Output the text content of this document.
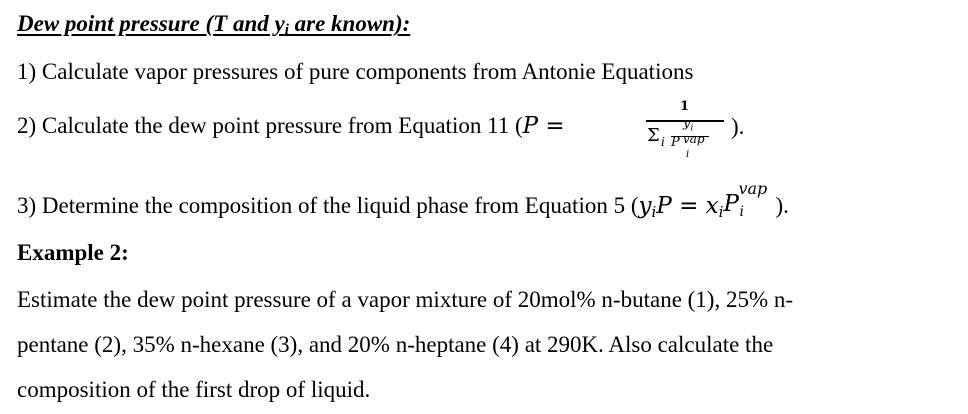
Dew point pressure (T and yi are known):
1) Calculate vapor pressures of pure components from Antonie Equations
2) Calculate the dew point pressure from Equation 11 (P =
1
Σ i
$y_i$
P vap
i
).
3) Determine the composition of the liquid phase from Equation 5 (yiP = xi P
vap
i ).
Example 2:
Estimate the dew point pressure of a vapor mixture of 20mol% n-butane (1), 25% n-
pentane (2), 35% n-hexane (3), and 20% n-heptane (4) at 290K. Also calculate the
composition of the first drop of liquid.
